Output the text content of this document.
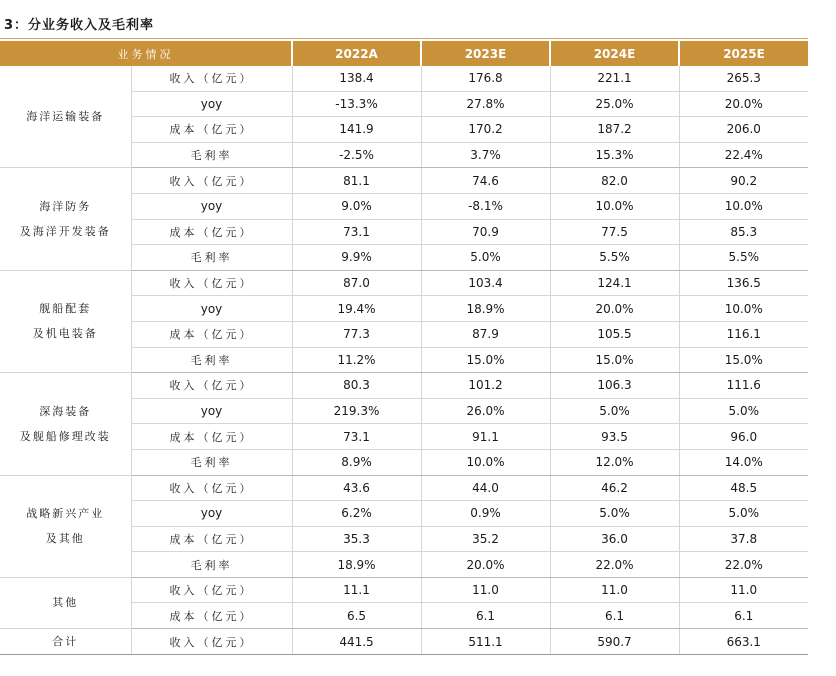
3：分业务收入及毛利率
业务情况		2022A	2023E	2024E	2025E

海洋运输装备	收入（亿元）	138.4	176.8	221.1	265.3
	yoy	-13.3%	27.8%	25.0%	20.0%
	成本（亿元）	141.9	170.2	187.2	206.0
	毛利率	-2.5%	3.7%	15.3%	22.4%

海洋防务
及海洋开发装备	收入（亿元）	81.1	74.6	82.0	90.2
	yoy	9.0%	-8.1%	10.0%	10.0%
	成本（亿元）	73.1	70.9	77.5	85.3
	毛利率	9.9%	5.0%	5.5%	5.5%

舰船配套
及机电装备	收入（亿元）	87.0	103.4	124.1	136.5
	yoy	19.4%	18.9%	20.0%	10.0%
	成本（亿元）	77.3	87.9	105.5	116.1
	毛利率	11.2%	15.0%	15.0%	15.0%

深海装备
及舰船修理改装	收入（亿元）	80.3	101.2	106.3	111.6
	yoy	219.3%	26.0%	5.0%	5.0%
	成本（亿元）	73.1	91.1	93.5	96.0
	毛利率	8.9%	10.0%	12.0%	14.0%

战略新兴产业
及其他	收入（亿元）	43.6	44.0	46.2	48.5
	yoy	6.2%	0.9%	5.0%	5.0%
	成本（亿元）	35.3	35.2	36.0	37.8
	毛利率	18.9%	20.0%	22.0%	22.0%

其他	收入（亿元）	11.1	11.0	11.0	11.0
	成本（亿元）	6.5	6.1	6.1	6.1

合计	收入（亿元）	441.5	511.1	590.7	663.1
